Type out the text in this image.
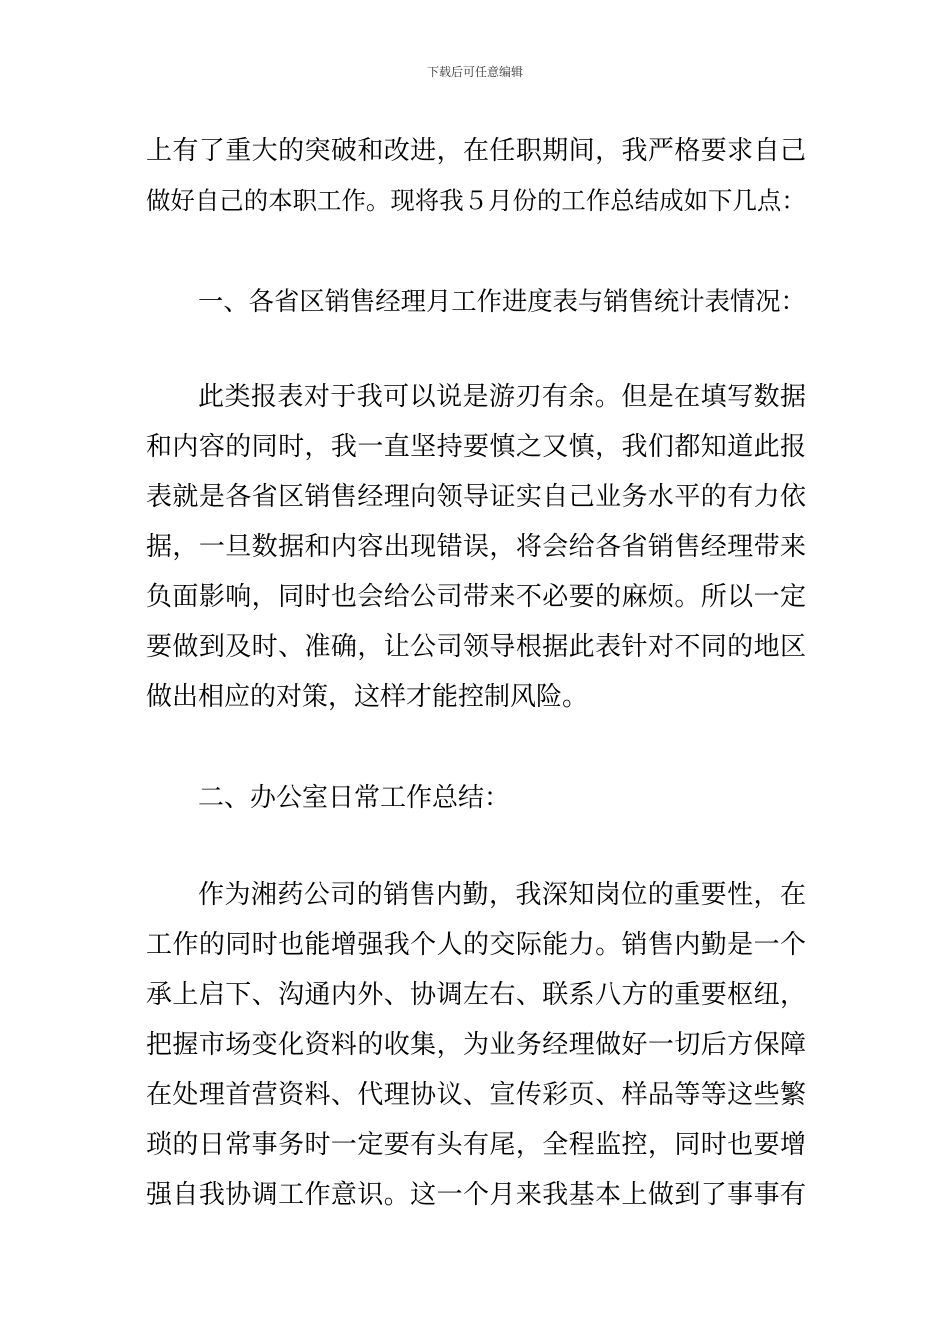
下载后可任意编辑

上有了重大的突破和改进，在任职期间，我严格要求自己

做好自己的本职工作。现将我５月份的工作总结成如下几点：

一、各省区销售经理月工作进度表与销售统计表情况：

此类报表对于我可以说是游刃有余。但是在填写数据

和内容的同时，我一直坚持要慎之又慎，我们都知道此报

表就是各省区销售经理向领导证实自己业务水平的有力依

据，一旦数据和内容出现错误，将会给各省销售经理带来

负面影响，同时也会给公司带来不必要的麻烦。所以一定

要做到及时、准确，让公司领导根据此表针对不同的地区

做出相应的对策，这样才能控制风险。

二、办公室日常工作总结：

作为湘药公司的销售内勤，我深知岗位的重要性，在

工作的同时也能增强我个人的交际能力。销售内勤是一个

承上启下、沟通内外、协调左右、联系八方的重要枢纽，

把握市场变化资料的收集，为业务经理做好一切后方保障

在处理首营资料、代理协议、宣传彩页、样品等等这些繁

琐的日常事务时一定要有头有尾，全程监控，同时也要增

强自我协调工作意识。这一个月来我基本上做到了事事有
